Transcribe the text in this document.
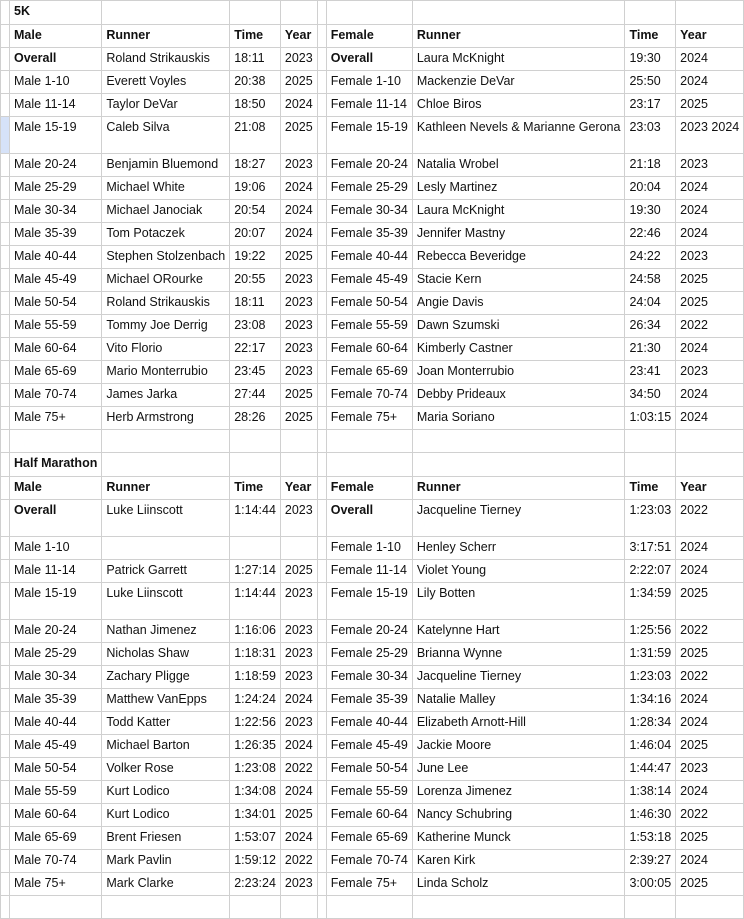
	5K								
	Male	Runner	Time	Year		Female	Runner	Time	Year
	Overall	Roland Strikauskis	18:11	2023		Overall	Laura McKnight	19:30	2024
	Male 1-10	Everett Voyles	20:38	2025		Female 1-10	Mackenzie DeVar	25:50	2024
	Male 11-14	Taylor DeVar	18:50	2024		Female 11-14	Chloe Biros	23:17	2025
	Male 15-19	Caleb Silva	21:08	2025		Female 15-19	Kathleen Nevels & Marianne Gerona	23:03	2023 2024
	Male 20-24	Benjamin Bluemond	18:27	2023		Female 20-24	Natalia Wrobel	21:18	2023
	Male 25-29	Michael White	19:06	2024		Female 25-29	Lesly Martinez	20:04	2024
	Male 30-34	Michael Janociak	20:54	2024		Female 30-34	Laura McKnight	19:30	2024
	Male 35-39	Tom Potaczek	20:07	2024		Female 35-39	Jennifer Mastny	22:46	2024
	Male 40-44	Stephen Stolzenbach	19:22	2025		Female 40-44	Rebecca Beveridge	24:22	2023
	Male 45-49	Michael ORourke	20:55	2023		Female 45-49	Stacie Kern	24:58	2025
	Male 50-54	Roland Strikauskis	18:11	2023		Female 50-54	Angie Davis	24:04	2025
	Male 55-59	Tommy Joe Derrig	23:08	2023		Female 55-59	Dawn Szumski	26:34	2022
	Male 60-64	Vito Florio	22:17	2023		Female 60-64	Kimberly Castner	21:30	2024
	Male 65-69	Mario Monterrubio	23:45	2023		Female 65-69	Joan Monterrubio	23:41	2023
	Male 70-74	James Jarka	27:44	2025		Female 70-74	Debby Prideaux	34:50	2024
	Male 75+	Herb Armstrong	28:26	2025		Female 75+	Maria Soriano	1:03:15	2024

	Half Marathon								
	Male	Runner	Time	Year		Female	Runner	Time	Year
	Overall	Luke Liinscott	1:14:44	2023		Overall	Jacqueline Tierney	1:23:03	2022
	Male 1-10					Female 1-10	Henley Scherr	3:17:51	2024
	Male 11-14	Patrick Garrett	1:27:14	2025		Female 11-14	Violet Young	2:22:07	2024
	Male 15-19	Luke Liinscott	1:14:44	2023		Female 15-19	Lily Botten	1:34:59	2025
	Male 20-24	Nathan Jimenez	1:16:06	2023		Female 20-24	Katelynne Hart	1:25:56	2022
	Male 25-29	Nicholas Shaw	1:18:31	2023		Female 25-29	Brianna Wynne	1:31:59	2025
	Male 30-34	Zachary Pligge	1:18:59	2023		Female 30-34	Jacqueline Tierney	1:23:03	2022
	Male 35-39	Matthew VanEpps	1:24:24	2024		Female 35-39	Natalie Malley	1:34:16	2024
	Male 40-44	Todd Katter	1:22:56	2023		Female 40-44	Elizabeth Arnott-Hill	1:28:34	2024
	Male 45-49	Michael Barton	1:26:35	2024		Female 45-49	Jackie Moore	1:46:04	2025
	Male 50-54	Volker Rose	1:23:08	2022		Female 50-54	June Lee	1:44:47	2023
	Male 55-59	Kurt Lodico	1:34:08	2024		Female 55-59	Lorenza Jimenez	1:38:14	2024
	Male 60-64	Kurt Lodico	1:34:01	2025		Female 60-64	Nancy Schubring	1:46:30	2022
	Male 65-69	Brent Friesen	1:53:07	2024		Female 65-69	Katherine Munck	1:53:18	2025
	Male 70-74	Mark Pavlin	1:59:12	2022		Female 70-74	Karen Kirk	2:39:27	2024
	Male 75+	Mark Clarke	2:23:24	2023		Female 75+	Linda Scholz	3:00:05	2025
